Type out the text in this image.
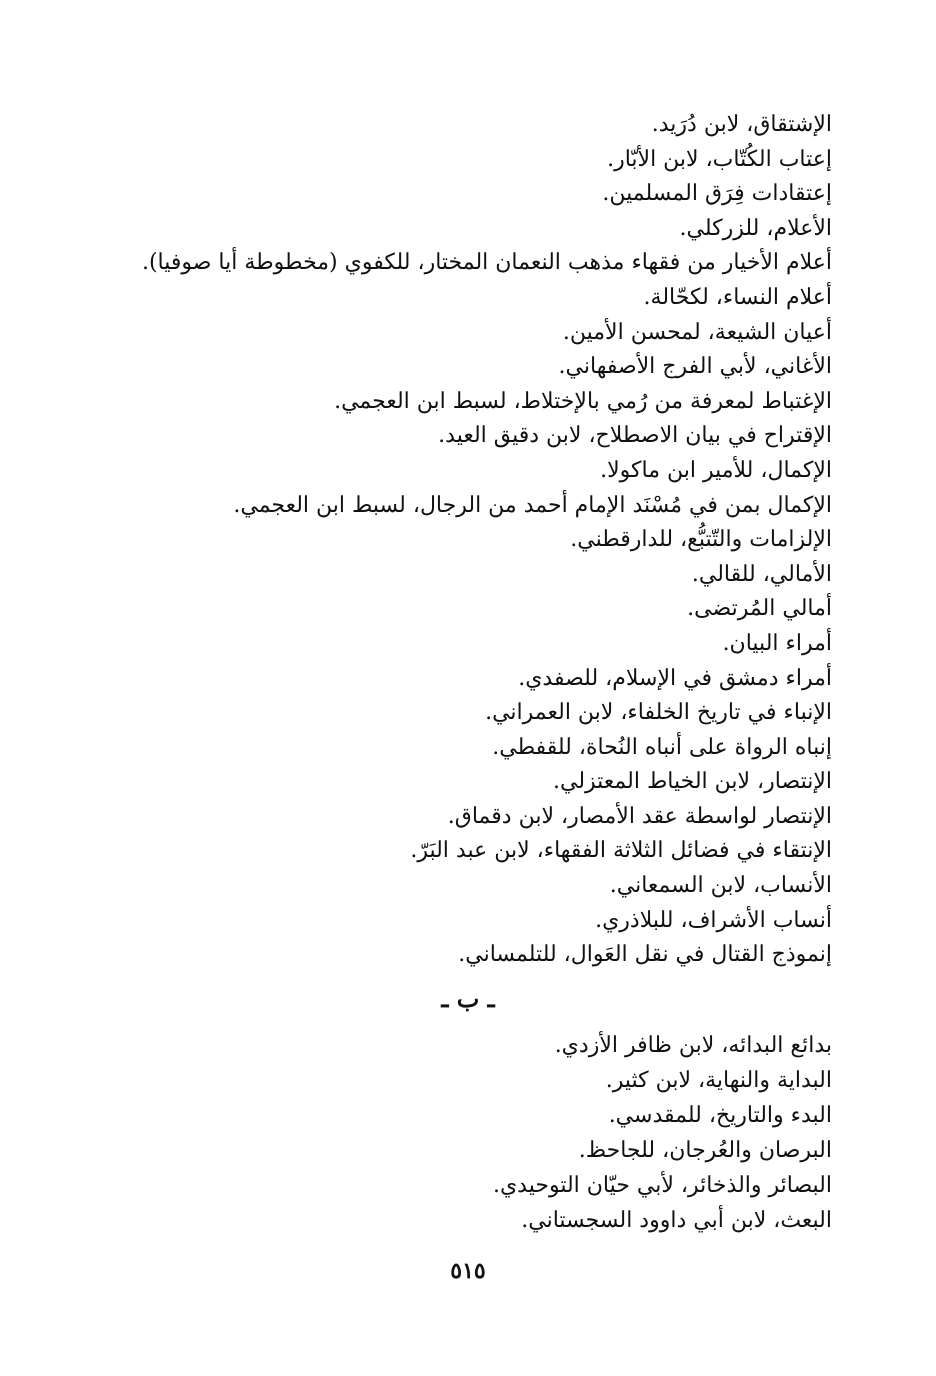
الإشتقاق، لابن دُرَيد.
إعتاب الكُتّاب، لابن الأبّار.
إعتقادات فِرَق المسلمين.
الأعلام، للزركلي.
أعلام الأخيار من فقهاء مذهب النعمان المختار، للكفوي (مخطوطة أيا صوفيا).
أعلام النساء، لكحّالة.
أعيان الشيعة، لمحسن الأمين.
الأغاني، لأبي الفرج الأصفهاني.
الإغتباط لمعرفة من رُمي بالإختلاط، لسبط ابن العجمي.
الإقتراح في بيان الاصطلاح، لابن دقيق العيد.
الإكمال، للأمير ابن ماكولا.
الإكمال بمن في مُسْنَد الإمام أحمد من الرجال، لسبط ابن العجمي.
الإلزامات والتّتبُّع، للدارقطني.
الأمالي، للقالي.
أمالي المُرتضى.
أمراء البيان.
أمراء دمشق في الإسلام، للصفدي.
الإنباء في تاريخ الخلفاء، لابن العمراني.
إنباه الرواة على أنباه النُحاة، للقفطي.
الإنتصار، لابن الخياط المعتزلي.
الإنتصار لواسطة عقد الأمصار، لابن دقماق.
الإنتقاء في فضائل الثلاثة الفقهاء، لابن عبد البَرّ.
الأنساب، لابن السمعاني.
أنساب الأشراف، للبلاذري.
إنموذج القتال في نقل العَوال، للتلمساني.
ـ ب ـ
بدائع البدائه، لابن ظافر الأزدي.
البداية والنهاية، لابن كثير.
البدء والتاريخ، للمقدسي.
البرصان والعُرجان، للجاحظ.
البصائر والذخائر، لأبي حيّان التوحيدي.
البعث، لابن أبي داوود السجستاني.
٥١٥
